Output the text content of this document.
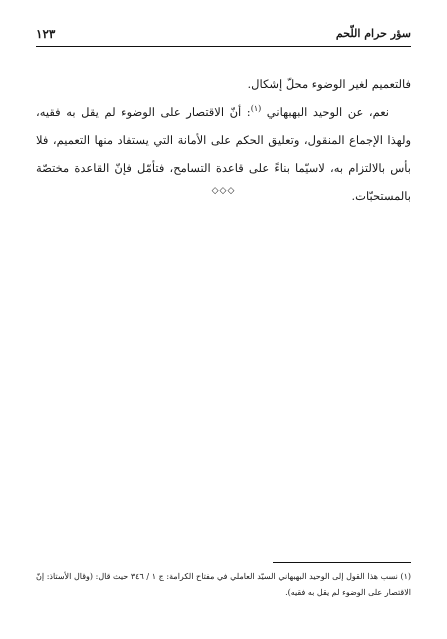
سؤر حرام اللّحم
١٢٣

فالتعميم لغير الوضوء محلّ إشكال.

نعم، عن الوحيد البهبهاني $^{(١)}$: أنّ الاقتصار على الوضوء لم يقل به فقيه، ولهذا الإجماع المنقول، وتعليق الحكم على الأمانة التي يستفاد منها التعميم، فلا بأس بالالتزام به، لاسيّما بناءً على قاعدة التسامح، فتأمّل فإنّ القاعدة مختصّة بالمستحبّات.

◇◇◇

(١) نسب هذا القول إلى الوحيد البهبهاني السيّد العاملي في مفتاح الكرامة: ج ١ / ٣٤٦ حيث قال: (وقال الأستاذ: إنّ الاقتصار على الوضوء لم يقل به فقيه).
